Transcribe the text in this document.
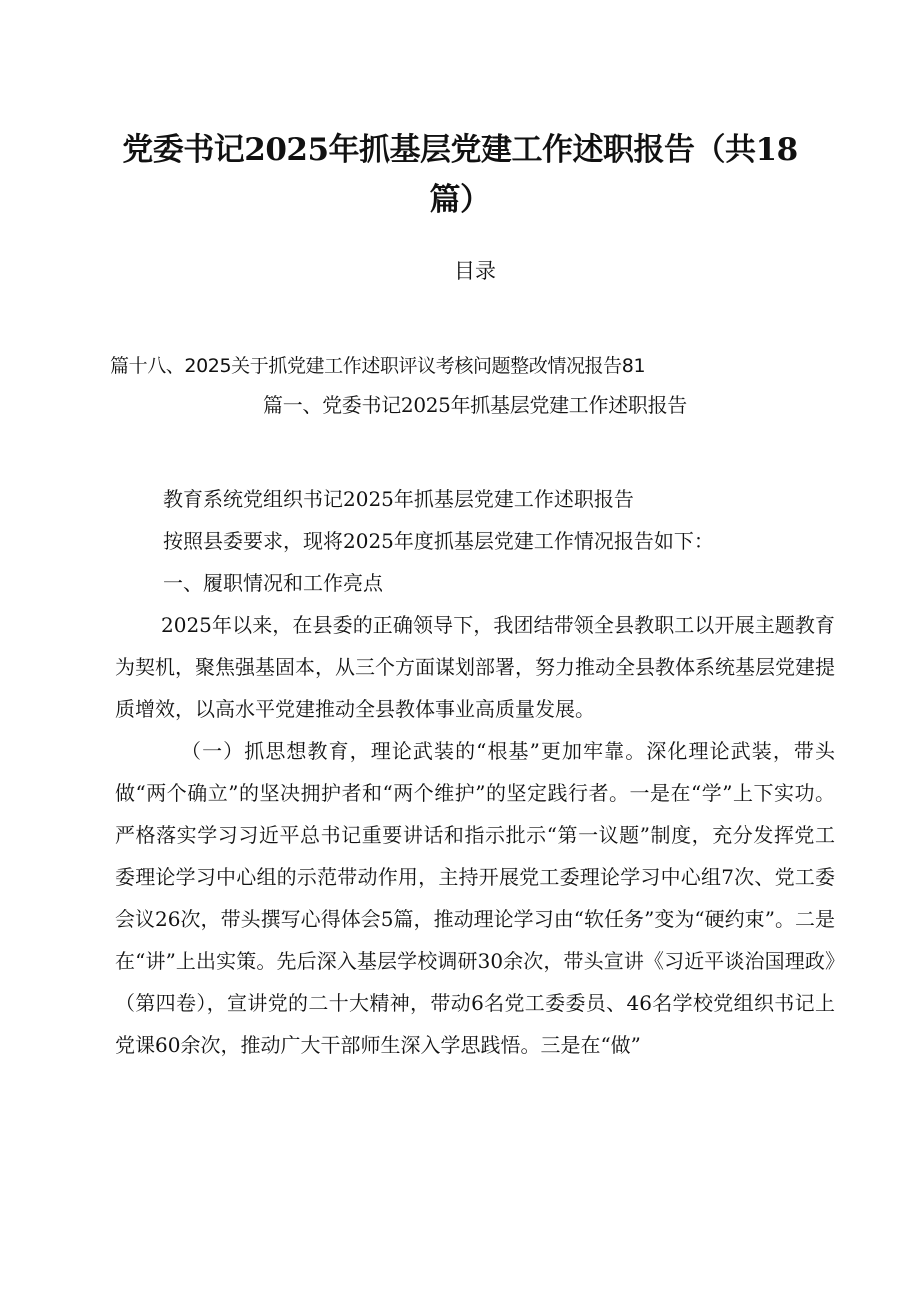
党委书记2025年抓基层党建工作述职报告（共18篇）
目录
篇十八、2025关于抓党建工作述职评议考核问题整改情况报告81
篇一、党委书记2025年抓基层党建工作述职报告

教育系统党组织书记2025年抓基层党建工作述职报告

按照县委要求，现将2025年度抓基层党建工作情况报告如下：

一、履职情况和工作亮点

2025年以来，在县委的正确领导下，我团结带领全县教职工以开展主题教育为契机，聚焦强基固本，从三个方面谋划部署，努力推动全县教体系统基层党建提质增效，以高水平党建推动全县教体事业高质量发展。

（一）抓思想教育，理论武装的“根基”更加牢靠。深化理论武装，带头做“两个确立”的坚决拥护者和“两个维护”的坚定践行者。一是在“学”上下实功。严格落实学习习近平总书记重要讲话和指示批示“第一议题”制度，充分发挥党工委理论学习中心组的示范带动作用，主持开展党工委理论学习中心组7次、党工委会议26次，带头撰写心得体会5篇，推动理论学习由“软任务”变为“硬约束”。二是在“讲”上出实策。先后深入基层学校调研30余次，带头宣讲《习近平谈治国理政》（第四卷），宣讲党的二十大精神，带动6名党工委委员、46名学校党组织书记上党课60余次，推动广大干部师生深入学思践悟。三是在“做”
